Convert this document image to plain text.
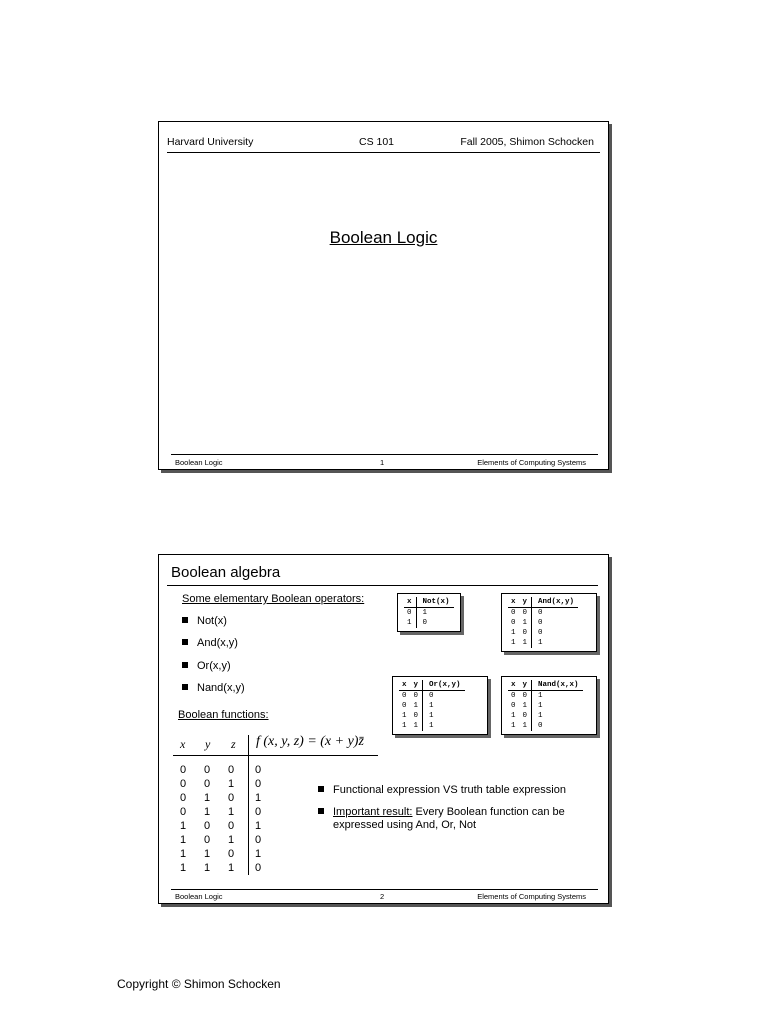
Harvard University	CS 101	Fall 2005, Shimon Schocken
Boolean Logic
Boolean Logic	1	Elements of Computing Systems
Boolean algebra
Some elementary Boolean operators:
Not(x)
And(x,y)
Or(x,y)
Nand(x,y)
Boolean functions:
x y z f (x, y, z) = (x + y)z̄
0	0	0	0
0	0	1	0
0	1	0	1
0	1	1	0
1	0	0	1
1	0	1	0
1	1	0	1
1	1	1	0
Functional expression VS truth table expression
Important result: Every Boolean function can be
expressed using And, Or, Not
x	Not(x)
0	1
1	0
x	y	And(x,y)
0	0	0
0	1	0
1	0	0
1	1	1
x	y	Or(x,y)
0	0	0
0	1	1
1	0	1
1	1	1
x	y	Nand(x,x)
0	0	1
0	1	1
1	0	1
1	1	0
Boolean Logic	2	Elements of Computing Systems
Copyright © Shimon Schocken
